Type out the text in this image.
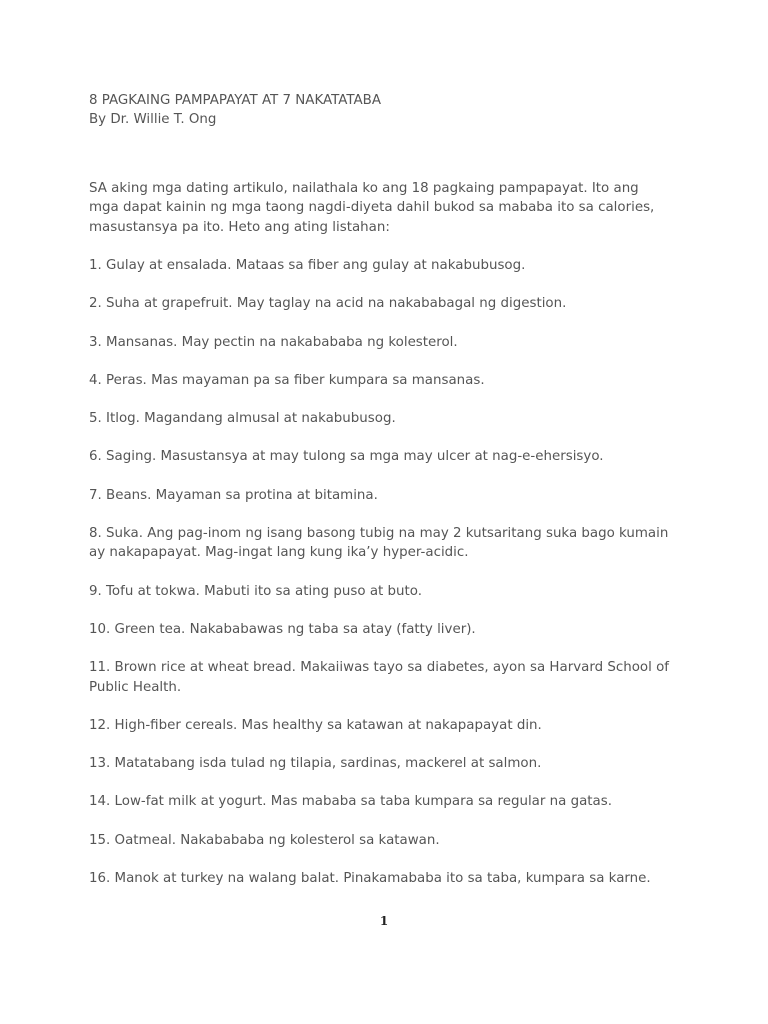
8 PAGKAING PAMPAPAYAT AT 7 NAKATATABA

By Dr. Willie T. Ong

SA aking mga dating artikulo, nailathala ko ang 18 pagkaing pampapayat. Ito ang mga dapat kainin ng mga taong nagdi-diyeta dahil bukod sa mababa ito sa calories, masustansya pa ito. Heto ang ating listahan:

1. Gulay at ensalada. Mataas sa fiber ang gulay at nakabubusog.
2. Suha at grapefruit. May taglay na acid na nakababagal ng digestion.
3. Mansanas. May pectin na nakabababa ng kolesterol.
4. Peras. Mas mayaman pa sa fiber kumpara sa mansanas.
5. Itlog. Magandang almusal at nakabubusog.
6. Saging. Masustansya at may tulong sa mga may ulcer at nag-e-ehersisyo.
7. Beans. Mayaman sa protina at bitamina.
8. Suka. Ang pag-inom ng isang basong tubig na may 2 kutsaritang suka bago kumain ay nakapapayat. Mag-ingat lang kung ika’y hyper-acidic.
9. Tofu at tokwa. Mabuti ito sa ating puso at buto.
10. Green tea. Nakababawas ng taba sa atay (fatty liver).
11. Brown rice at wheat bread. Makaiiwas tayo sa diabetes, ayon sa Harvard School of Public Health.
12. High-fiber cereals. Mas healthy sa katawan at nakapapayat din.
13. Matatabang isda tulad ng tilapia, sardinas, mackerel at salmon.
14. Low-fat milk at yogurt. Mas mababa sa taba kumpara sa regular na gatas.
15. Oatmeal. Nakabababa ng kolesterol sa katawan.
16. Manok at turkey na walang balat. Pinakamababa ito sa taba, kumpara sa karne.
1
